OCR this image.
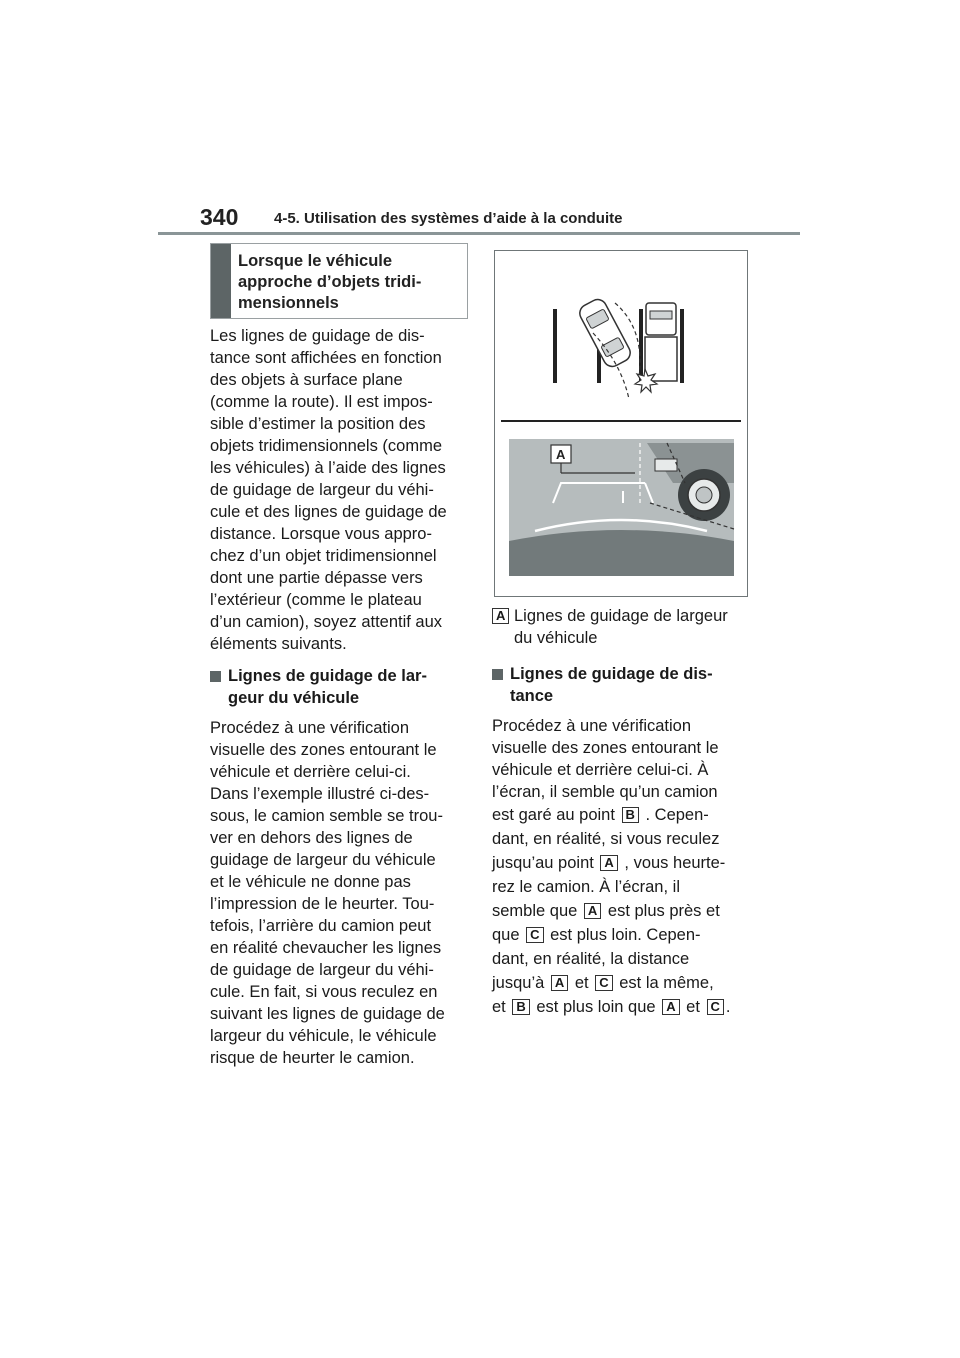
340 4-5. Utilisation des systèmes d’aide à la conduite
Lorsque le véhicule approche d’objets tridi-mensionnels

Les lignes de guidage de dis-
tance sont affichées en fonction
des objets à surface plane
(comme la route). Il est impos-
sible d’estimer la position des
objets tridimensionnels (comme
les véhicules) à l’aide des lignes
de guidage de largeur du véhi-
cule et des lignes de guidage de
distance. Lorsque vous appro-
chez d’un objet tridimensionnel
dont une partie dépasse vers
l’extérieur (comme le plateau
d’un camion), soyez attentif aux
éléments suivants.

Lignes de guidage de lar-
geur du véhicule

Procédez à une vérification
visuelle des zones entourant le
véhicule et derrière celui-ci.
Dans l’exemple illustré ci-des-
sous, le camion semble se trou-
ver en dehors des lignes de
guidage de largeur du véhicule
et le véhicule ne donne pas
l’impression de le heurter. Tou-
tefois, l’arrière du camion peut
en réalité chevaucher les lignes
de guidage de largeur du véhi-
cule. En fait, si vous reculez en
suivant les lignes de guidage de
largeur du véhicule, le véhicule
risque de heurter le camion.

A
A Lignes de guidage de largeur
du véhicule
Lignes de guidage de dis-
tance

Procédez à une vérification
visuelle des zones entourant le
véhicule et derrière celui-ci. À
l’écran, il semble qu’un camion

est garé au point B . Cepen-

dant, en réalité, si vous reculez

jusqu’au point A , vous heurte-

rez le camion. À l’écran, il

semble que A est plus près et

que C est plus loin. Cepen-

dant, en réalité, la distance

jusqu’à A et C est la même,

et B est plus loin que A et C .
